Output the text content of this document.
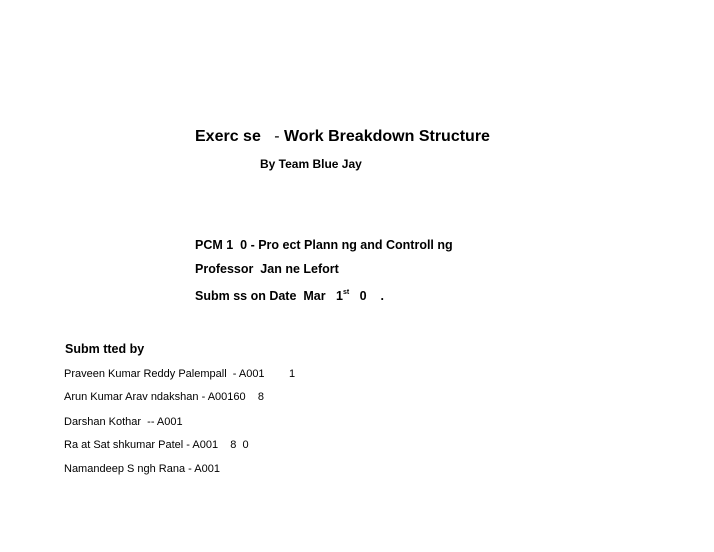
Exerc se - Work Breakdown Structure
By Team Blue Jay
PCM 1  0 - Pro ect Plann ng and Controll ng
Professor  Jan ne Lefort
Subm ss on Date  Mar   1st   0    .
Subm tted by
Praveen Kumar Reddy Palempall  - A001        1
Arun Kumar Arav ndakshan - A00160    8
Darshan Kothar  -- A001
Ra at Sat shkumar Patel - A001    8  0
Namandeep S ngh Rana - A001
